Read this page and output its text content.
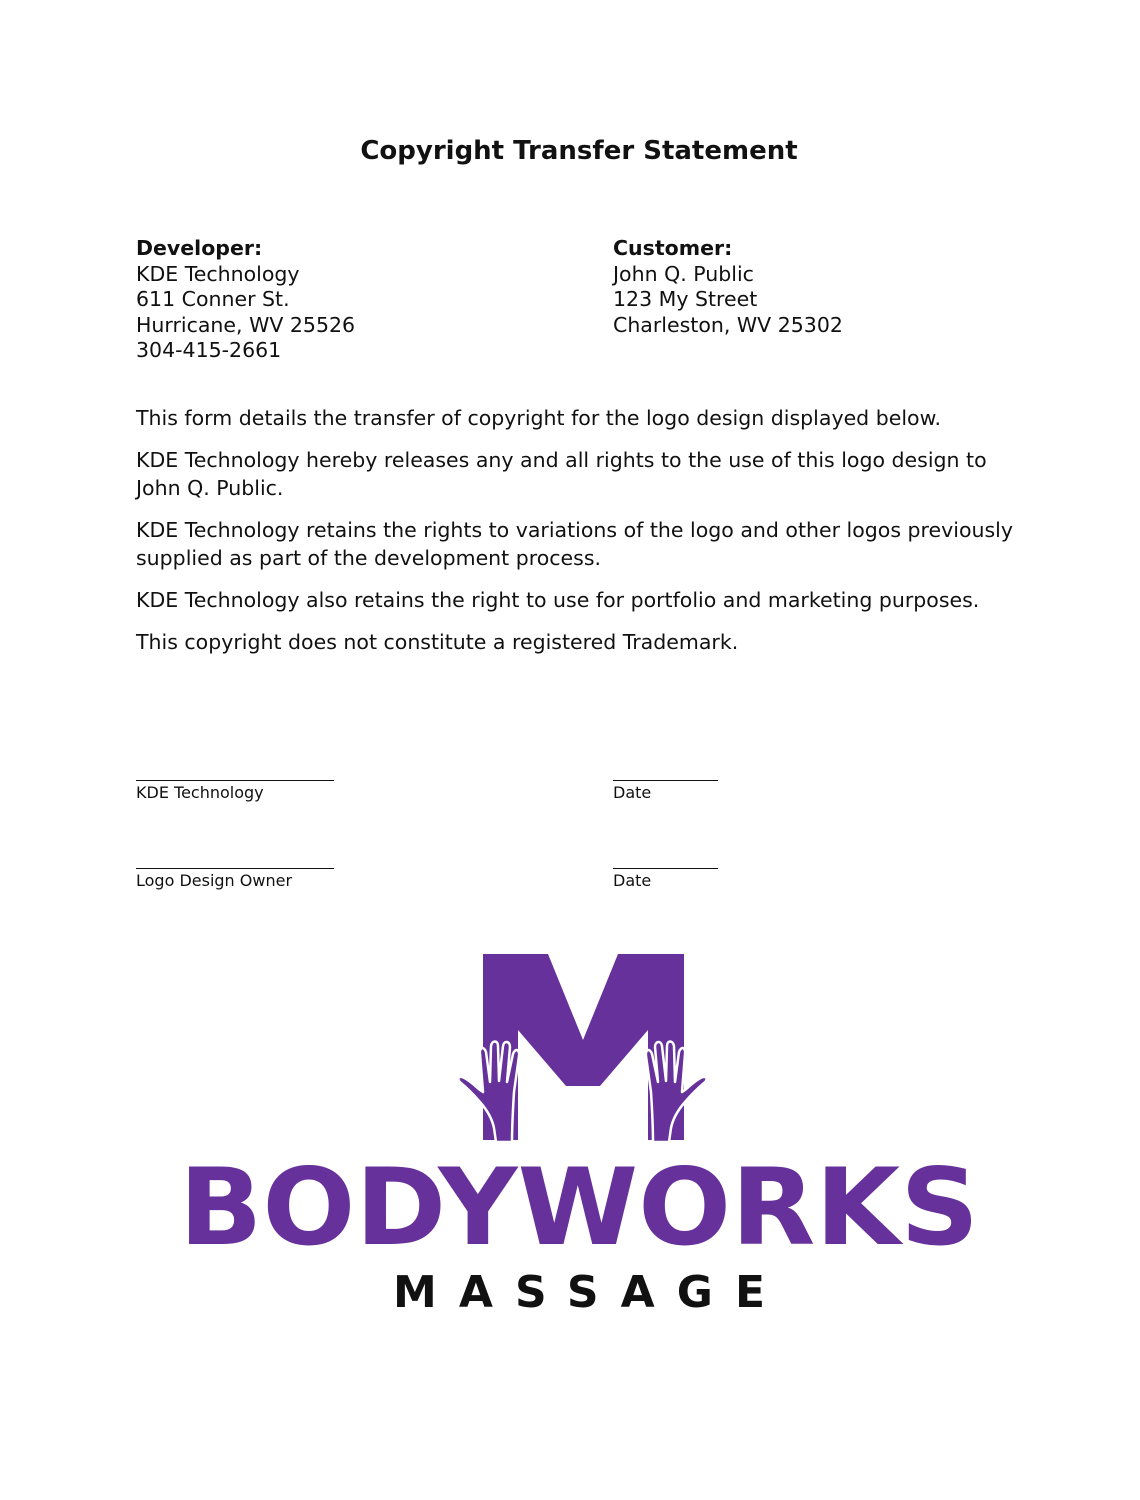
Copyright Transfer Statement
Developer:
KDE Technology
611 Conner St.
Hurricane, WV 25526
304-415-2661
Customer:
John Q. Public
123 My Street
Charleston, WV 25302

This form details the transfer of copyright for the logo design displayed below.

KDE Technology hereby releases any and all rights to the use of this logo design to John Q. Public.

KDE Technology retains the rights to variations of the logo and other logos previously supplied as part of the development process.

KDE Technology also retains the right to use for portfolio and marketing purposes.

This copyright does not constitute a registered Trademark.

KDE Technology	Date
Logo Design Owner	Date
BODYWORKS
MASSAGE
